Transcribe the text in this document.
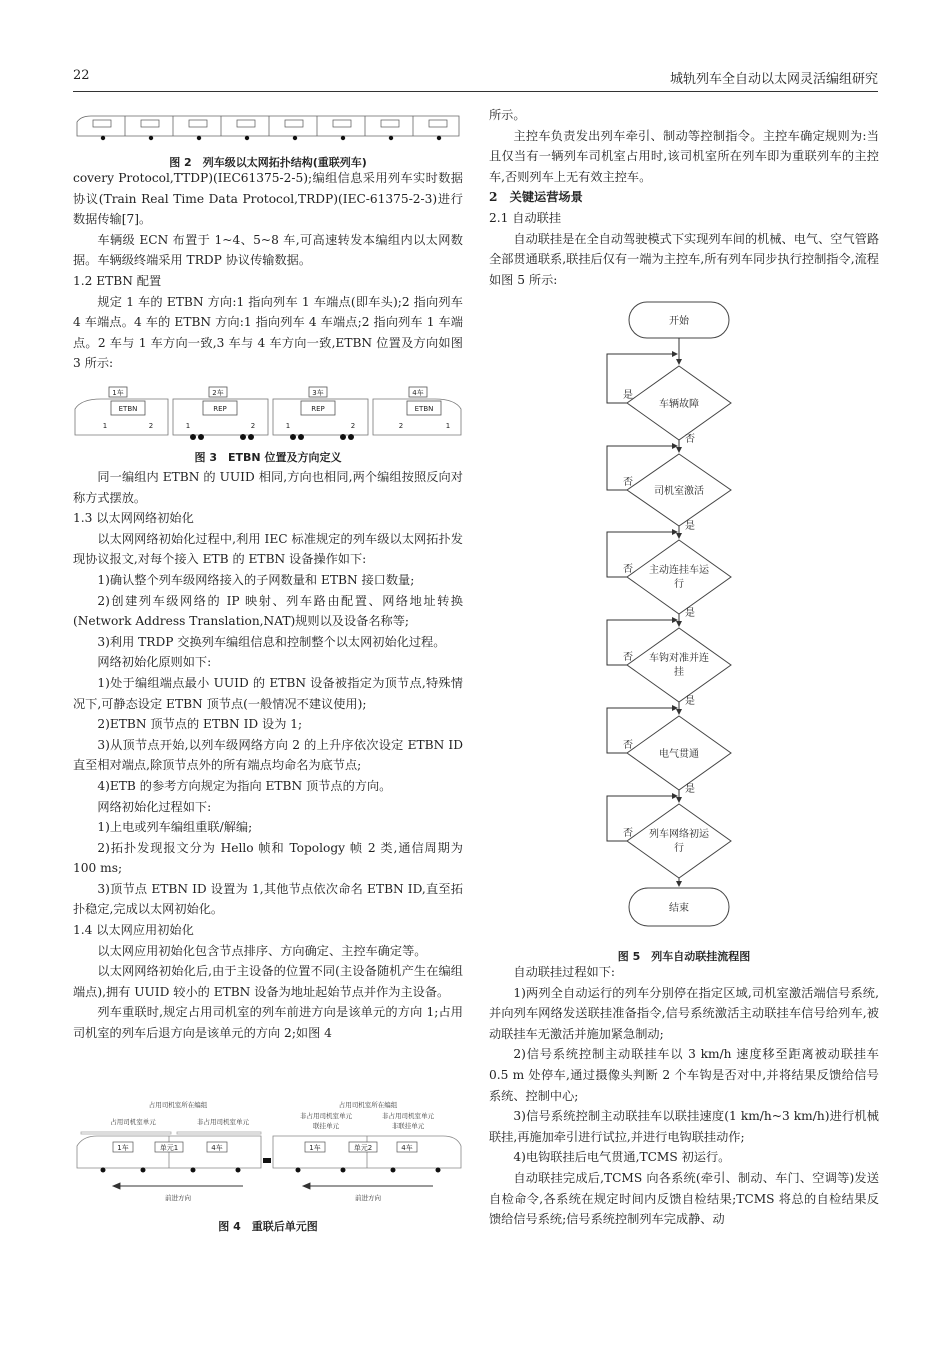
22	城轨列车全自动以太网灵活编组研究

图 2　列车级以太网拓扑结构(重联列车)

covery Protocol,TTDP)(IEC61375-2-5);编组信息采用列车实时数据协议(Train Real Time Data Protocol,TRDP)(IEC-61375-2-3)进行数据传输[7]。

车辆级 ECN 布置于 1~4、5~8 车,可高速转发本编组内以太网数据。车辆级终端采用 TRDP 协议传输数据。

1.2 ETBN 配置

规定 1 车的 ETBN 方向:1 指向列车 1 车端点(即车头);2 指向列车 4 车端点。4 车的 ETBN 方向:1 指向列车 4 车端点;2 指向列车 1 车端点。2 车与 1 车方向一致,3 车与 4 车方向一致,ETBN 位置及方向如图 3 所示:

1车	2车	3车	4车
ETBN	REP	REP	ETBN
1	2	1	2	1	2	2	1

图 3　ETBN 位置及方向定义

同一编组内 ETBN 的 UUID 相同,方向也相同,两个编组按照反向对称方式摆放。

1.3 以太网网络初始化

以太网网络初始化过程中,利用 IEC 标准规定的列车级以太网拓扑发现协议报文,对每个接入 ETB 的 ETBN 设备操作如下:

1)确认整个列车级网络接入的子网数量和 ETBN 接口数量;

2)创建列车级网络的 IP 映射、列车路由配置、网络地址转换(Network Address Translation,NAT)规则以及设备名称等;

3)利用 TRDP 交换列车编组信息和控制整个以太网初始化过程。

网络初始化原则如下:

1)处于编组端点最小 UUID 的 ETBN 设备被指定为顶节点,特殊情况下,可静态设定 ETBN 顶节点(一般情况不建议使用);

2)ETBN 顶节点的 ETBN ID 设为 1;

3)从顶节点开始,以列车级网络方向 2 的上升序依次设定 ETBN ID 直至相对端点,除顶节点外的所有端点均命名为底节点;

4)ETB 的参考方向规定为指向 ETBN 顶节点的方向。

网络初始化过程如下:

1)上电或列车编组重联/解编;

2)拓扑发现报文分为 Hello 帧和 Topology 帧 2 类,通信周期为 100 ms;

3)顶节点 ETBN ID 设置为 1,其他节点依次命名 ETBN ID,直至拓扑稳定,完成以太网初始化。

1.4 以太网应用初始化

以太网应用初始化包含节点排序、方向确定、主控车确定等。

以太网网络初始化后,由于主设备的位置不同(主设备随机产生在编组端点),拥有 UUID 较小的 ETBN 设备为地址起始节点并作为主设备。

列车重联时,规定占用司机室的列车前进方向是该单元的方向 1;占用司机室的列车后退方向是该单元的方向 2;如图 4

占用司机室所在编组	占用司机室所在编组
占用司机室单元	非占用司机室单元
非占用司机室单元
联挂单元
非占用司机室单元
非联挂单元
1车	单元1	4车	1车	单元2	4车
前进方向	前进方向

图 4　重联后单元图

所示。

主控车负责发出列车牵引、制动等控制指令。主控车确定规则为:当且仅当有一辆列车司机室占用时,该司机室所在列车即为重联列车的主控车,否则列车上无有效主控车。

2　关键运营场景

2.1 自动联挂

自动联挂是在全自动驾驶模式下实现列车间的机械、电气、空气管路全部贯通联系,联挂后仅有一端为主控车,所有列车同步执行控制指令,流程如图 5 所示:

开始
车辆故障
司机室激活
主动连挂车运
行
车钩对准并连
挂
电气贯通
列车网络初运
行
结束
是
否
否
是
否
是
否
是
否
是
否

图 5　列车自动联挂流程图

自动联挂过程如下:

1)两列全自动运行的列车分别停在指定区域,司机室激活端信号系统,并向列车网络发送联挂准备指令,信号系统激活主动联挂车信号给列车,被动联挂车无激活并施加紧急制动;

2)信号系统控制主动联挂车以 3 km/h 速度移至距离被动联挂车 0.5 m 处停车,通过摄像头判断 2 个车钩是否对中,并将结果反馈给信号系统、控制中心;

3)信号系统控制主动联挂车以联挂速度(1 km/h~3 km/h)进行机械联挂,再施加牵引进行试拉,并进行电钩联挂动作;

4)电钩联挂后电气贯通,TCMS 初运行。

自动联挂完成后,TCMS 向各系统(牵引、制动、车门、空调等)发送自检命令,各系统在规定时间内反馈自检结果;TCMS 将总的自检结果反馈给信号系统;信号系统控制列车完成静、动
